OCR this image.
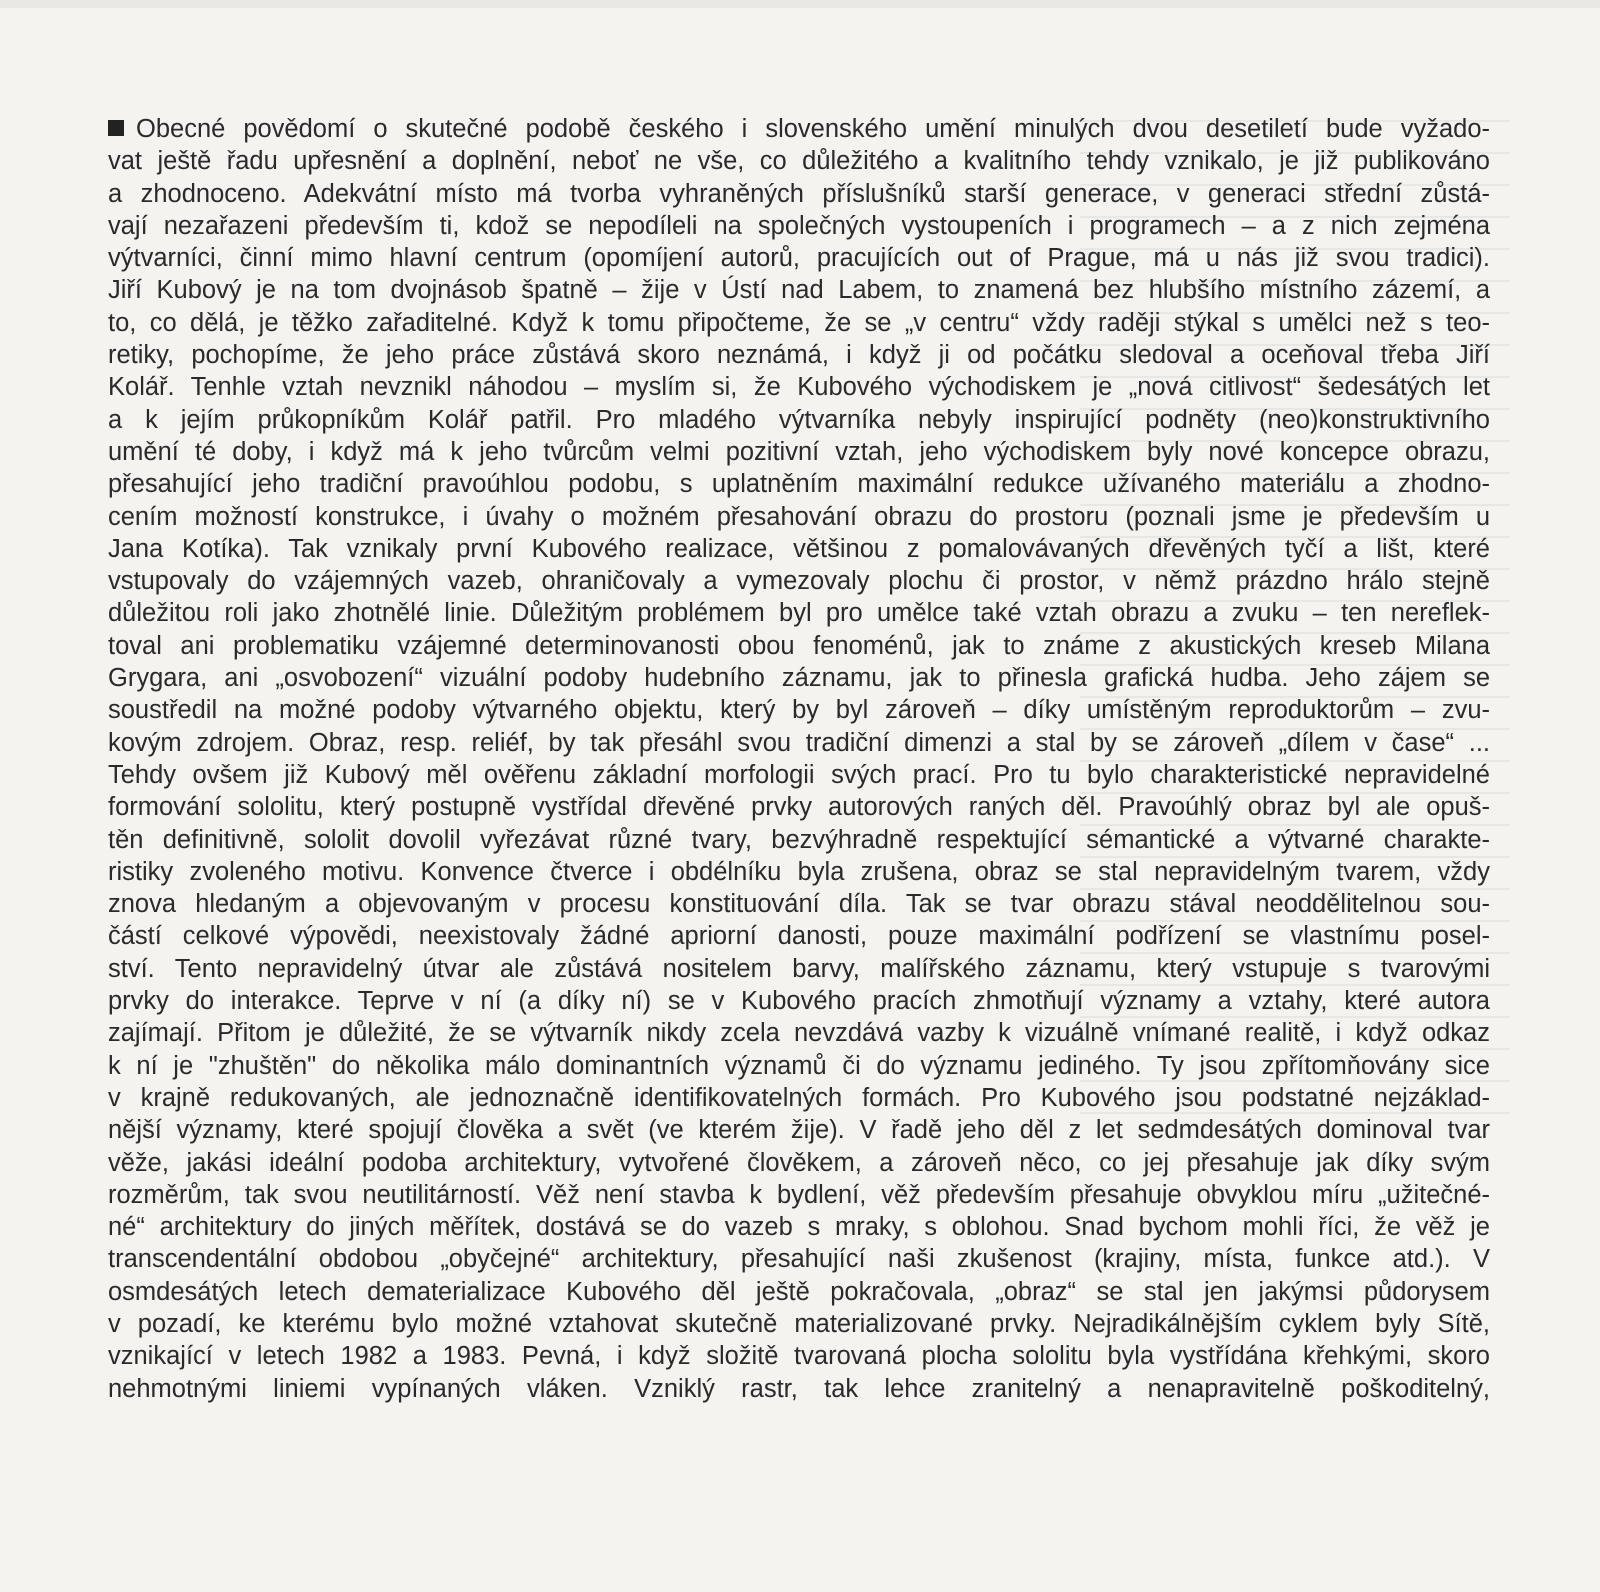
Obecné povědomí o skutečné podobě českého i slovenského umění minulých dvou desetiletí bude vyžado-
vat ještě řadu upřesnění a doplnění, neboť ne vše, co důležitého a kvalitního tehdy vznikalo, je již publikováno
a zhodnoceno. Adekvátní místo má tvorba vyhraněných příslušníků starší generace, v generaci střední zůstá-
vají nezařazeni především ti, kdož se nepodíleli na společných vystoupeních i programech – a z nich zejména
výtvarníci, činní mimo hlavní centrum (opomíjení autorů, pracujících out of Prague, má u nás již svou tradici).
Jiří Kubový je na tom dvojnásob špatně – žije v Ústí nad Labem, to znamená bez hlubšího místního zázemí, a
to, co dělá, je těžko zařaditelné. Když k tomu připočteme, že se „v centru“ vždy raději stýkal s umělci než s teo-
retiky, pochopíme, že jeho práce zůstává skoro neznámá, i když ji od počátku sledoval a oceňoval třeba Jiří
Kolář. Tenhle vztah nevznikl náhodou – myslím si, že Kubového východiskem je „nová citlivost“ šedesátých let
a k jejím průkopníkům Kolář patřil. Pro mladého výtvarníka nebyly inspirující podněty (neo)konstruktivního
umění té doby, i když má k jeho tvůrcům velmi pozitivní vztah, jeho východiskem byly nové koncepce obrazu,
přesahující jeho tradiční pravoúhlou podobu, s uplatněním maximální redukce užívaného materiálu a zhodno-
cením možností konstrukce, i úvahy o možném přesahování obrazu do prostoru (poznali jsme je především u
Jana Kotíka). Tak vznikaly první Kubového realizace, většinou z pomalovávaných dřevěných tyčí a lišt, které
vstupovaly do vzájemných vazeb, ohraničovaly a vymezovaly plochu či prostor, v němž prázdno hrálo stejně
důležitou roli jako zhotnělé linie. Důležitým problémem byl pro umělce také vztah obrazu a zvuku – ten nereflek-
toval ani problematiku vzájemné determinovanosti obou fenoménů, jak to známe z akustických kreseb Milana
Grygara, ani „osvobození“ vizuální podoby hudebního záznamu, jak to přinesla grafická hudba. Jeho zájem se
soustředil na možné podoby výtvarného objektu, který by byl zároveň – díky umístěným reproduktorům – zvu-
kovým zdrojem. Obraz, resp. reliéf, by tak přesáhl svou tradiční dimenzi a stal by se zároveň „dílem v čase“ ...
Tehdy ovšem již Kubový měl ověřenu základní morfologii svých prací. Pro tu bylo charakteristické nepravidelné
formování sololitu, který postupně vystřídal dřevěné prvky autorových raných děl. Pravoúhlý obraz byl ale opuš-
těn definitivně, sololit dovolil vyřezávat různé tvary, bezvýhradně respektující sémantické a výtvarné charakte-
ristiky zvoleného motivu. Konvence čtverce i obdélníku byla zrušena, obraz se stal nepravidelným tvarem, vždy
znova hledaným a objevovaným v procesu konstituování díla. Tak se tvar obrazu stával neoddělitelnou sou-
částí celkové výpovědi, neexistovaly žádné apriorní danosti, pouze maximální podřízení se vlastnímu posel-
ství. Tento nepravidelný útvar ale zůstává nositelem barvy, malířského záznamu, který vstupuje s tvarovými
prvky do interakce. Teprve v ní (a díky ní) se v Kubového pracích zhmotňují významy a vztahy, které autora
zajímají. Přitom je důležité, že se výtvarník nikdy zcela nevzdává vazby k vizuálně vnímané realitě, i když odkaz
k ní je "zhuštěn" do několika málo dominantních významů či do významu jediného. Ty jsou zpřítomňovány sice
v krajně redukovaných, ale jednoznačně identifikovatelných formách. Pro Kubového jsou podstatné nejzáklad-
nější významy, které spojují člověka a svět (ve kterém žije). V řadě jeho děl z let sedmdesátých dominoval tvar
věže, jakási ideální podoba architektury, vytvořené člověkem, a zároveň něco, co jej přesahuje jak díky svým
rozměrům, tak svou neutilitárností. Věž není stavba k bydlení, věž především přesahuje obvyklou míru „užitečné-
né“ architektury do jiných měřítek, dostává se do vazeb s mraky, s oblohou. Snad bychom mohli říci, že věž je
transcendentální obdobou „obyčejné“ architektury, přesahující naši zkušenost (krajiny, místa, funkce atd.). V
osmdesátých letech dematerializace Kubového děl ještě pokračovala, „obraz“ se stal jen jakýmsi půdorysem
v pozadí, ke kterému bylo možné vztahovat skutečně materializované prvky. Nejradikálnějším cyklem byly Sítě,
vznikající v letech 1982 a 1983. Pevná, i když složitě tvarovaná plocha sololitu byla vystřídána křehkými, skoro
nehmotnými liniemi vypínaných vláken. Vzniklý rastr, tak lehce zranitelný a nenapravitelně poškoditelný,
